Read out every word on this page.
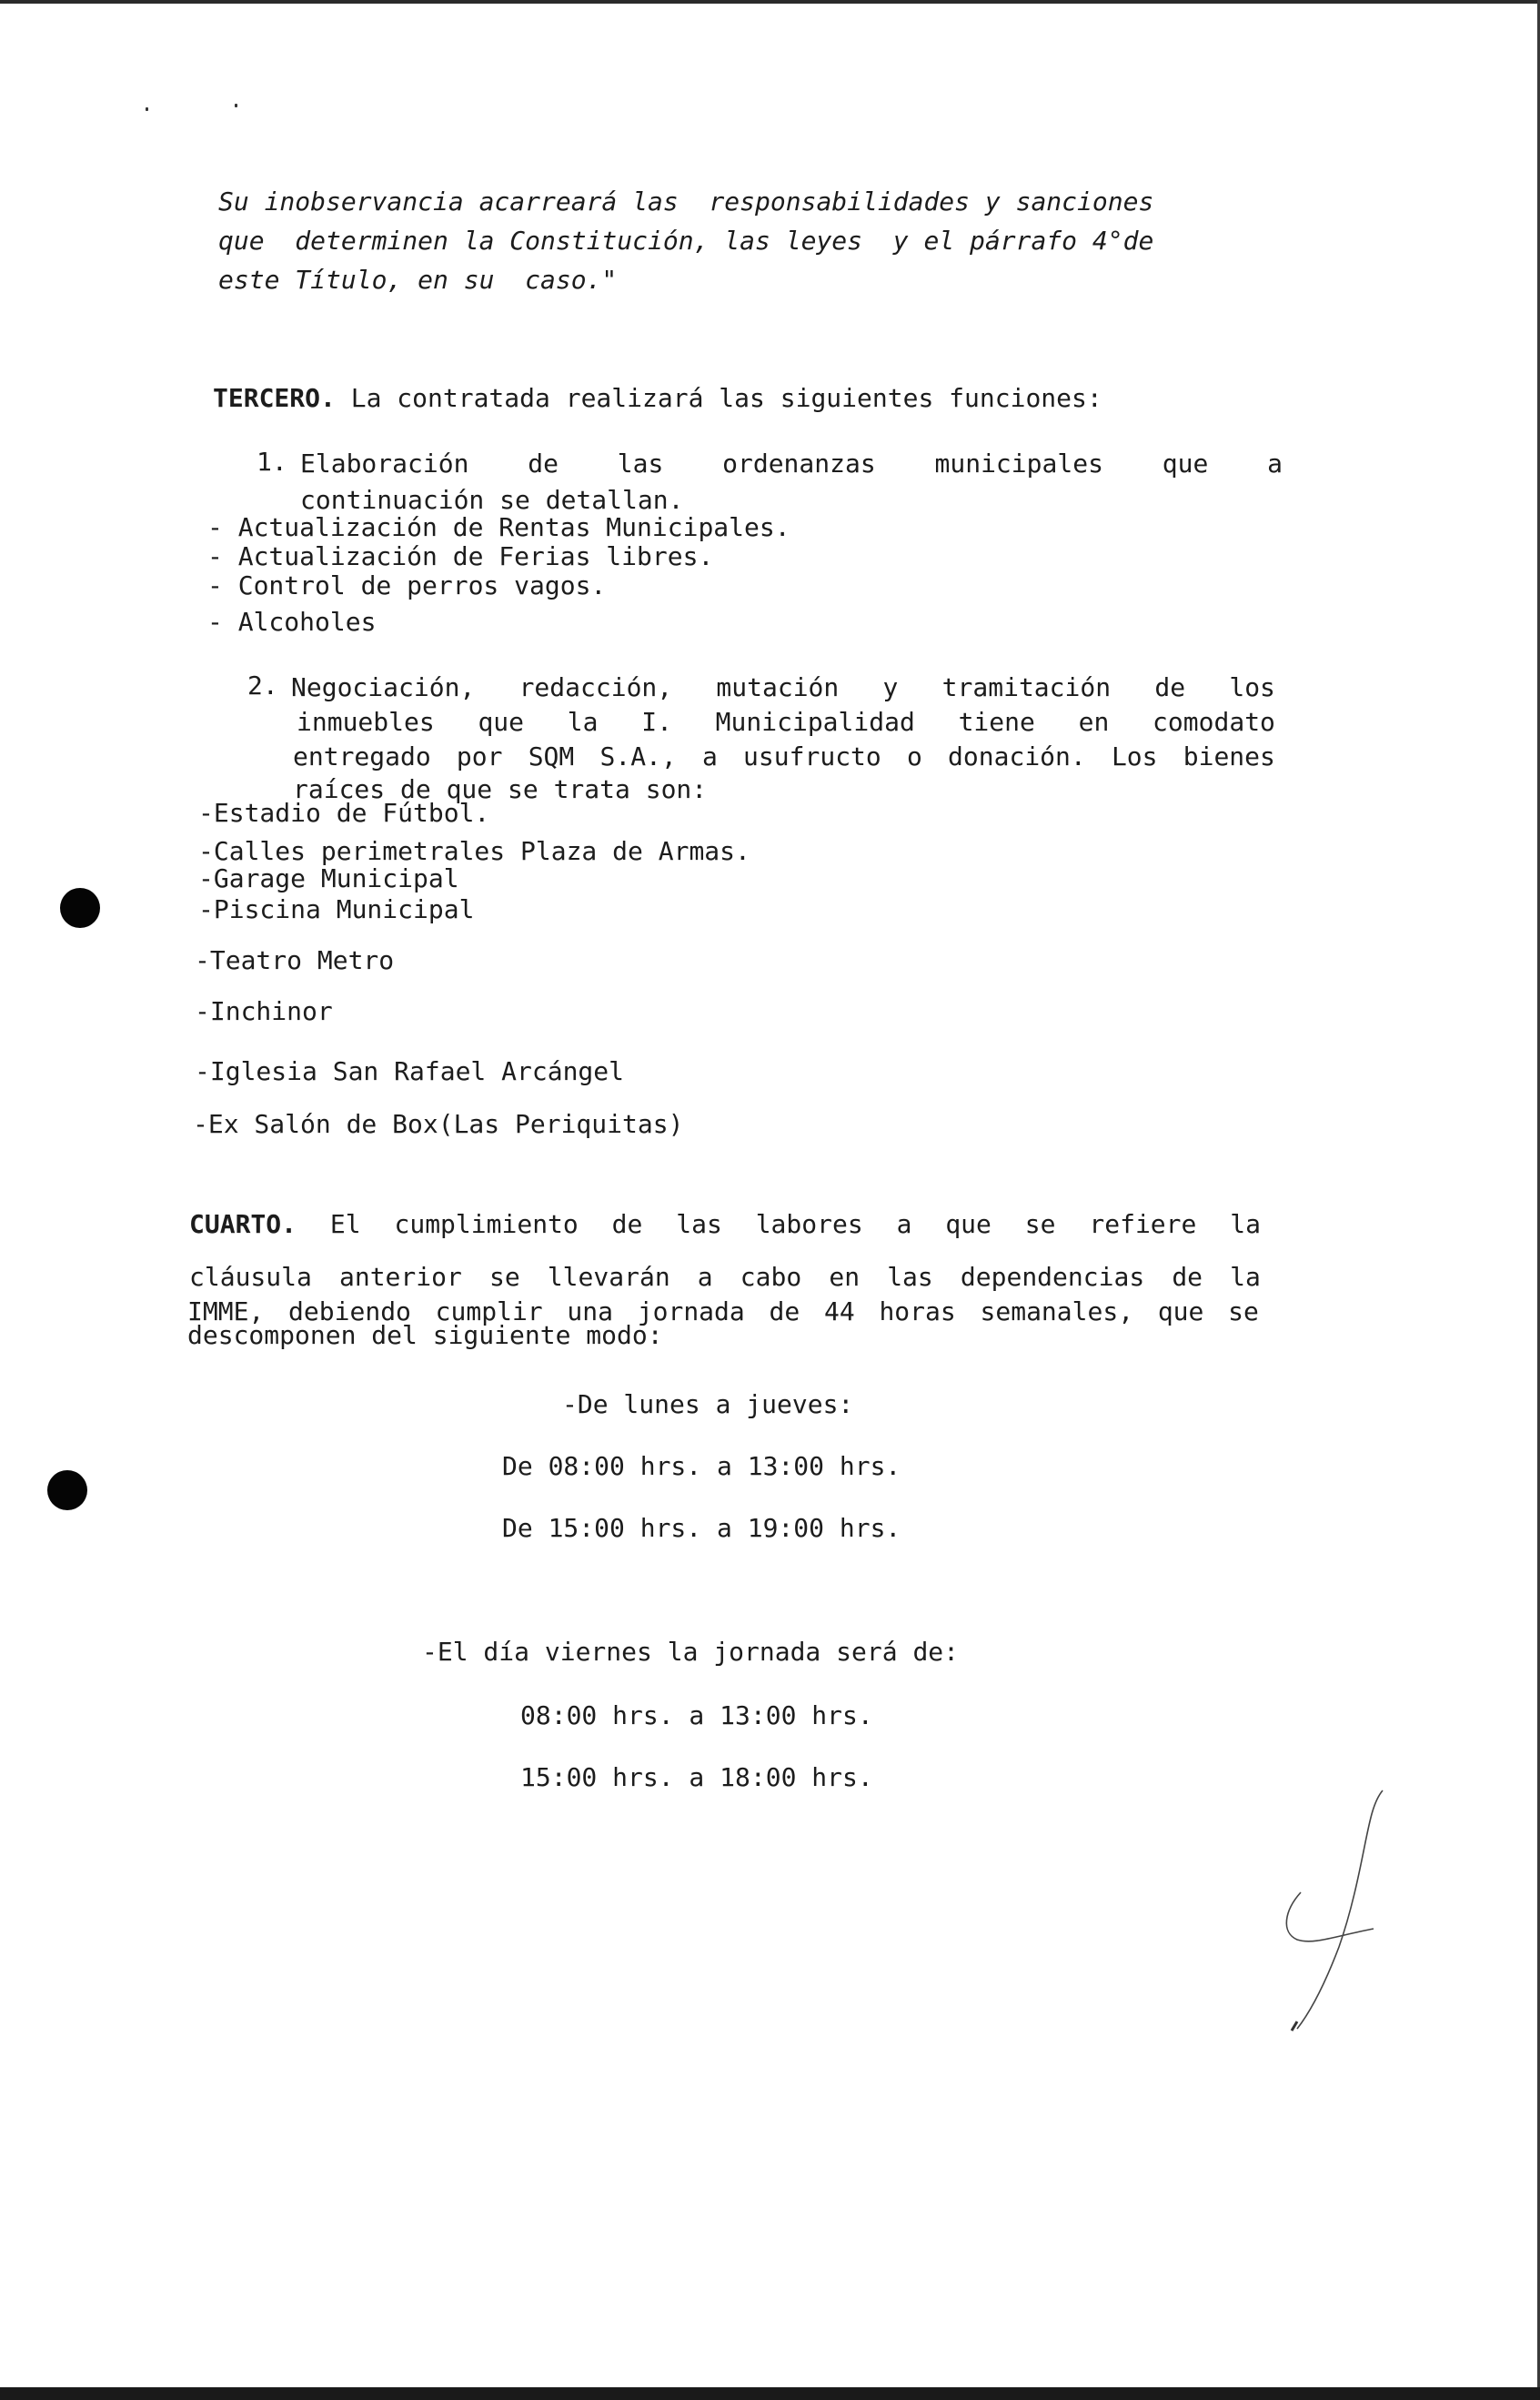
Su inobservancia acarreará las  responsabilidades y sanciones
que  determinen la Constitución, las leyes  y el párrafo 4°de
este Título, en su  caso."
TERCERO. La contratada realizará las siguientes funciones:
1. Elaboración de las ordenanzas municipales que a
continuación se detallan.
- Actualización de Rentas Municipales.
- Actualización de Ferias libres.
- Control de perros vagos.
- Alcoholes
2. Negociación, redacción, mutación y tramitación de los
inmuebles que la I. Municipalidad tiene en comodato
entregado por SQM S.A., a usufructo o donación. Los bienes
raíces de que se trata son:
-Estadio de Fútbol.
-Calles perimetrales Plaza de Armas.
-Garage Municipal
-Piscina Municipal
-Teatro Metro
-Inchinor
-Iglesia San Rafael Arcángel
-Ex Salón de Box(Las Periquitas)
CUARTO. El cumplimiento de las labores a que se refiere la
cláusula anterior se llevarán a cabo en las dependencias de la
IMME, debiendo cumplir una jornada de 44 horas semanales, que se
descomponen del siguiente modo:
-De lunes a jueves:
De 08:00 hrs. a 13:00 hrs.
De 15:00 hrs. a 19:00 hrs.
-El día viernes la jornada será de:
08:00 hrs. a 13:00 hrs.
15:00 hrs. a 18:00 hrs.
